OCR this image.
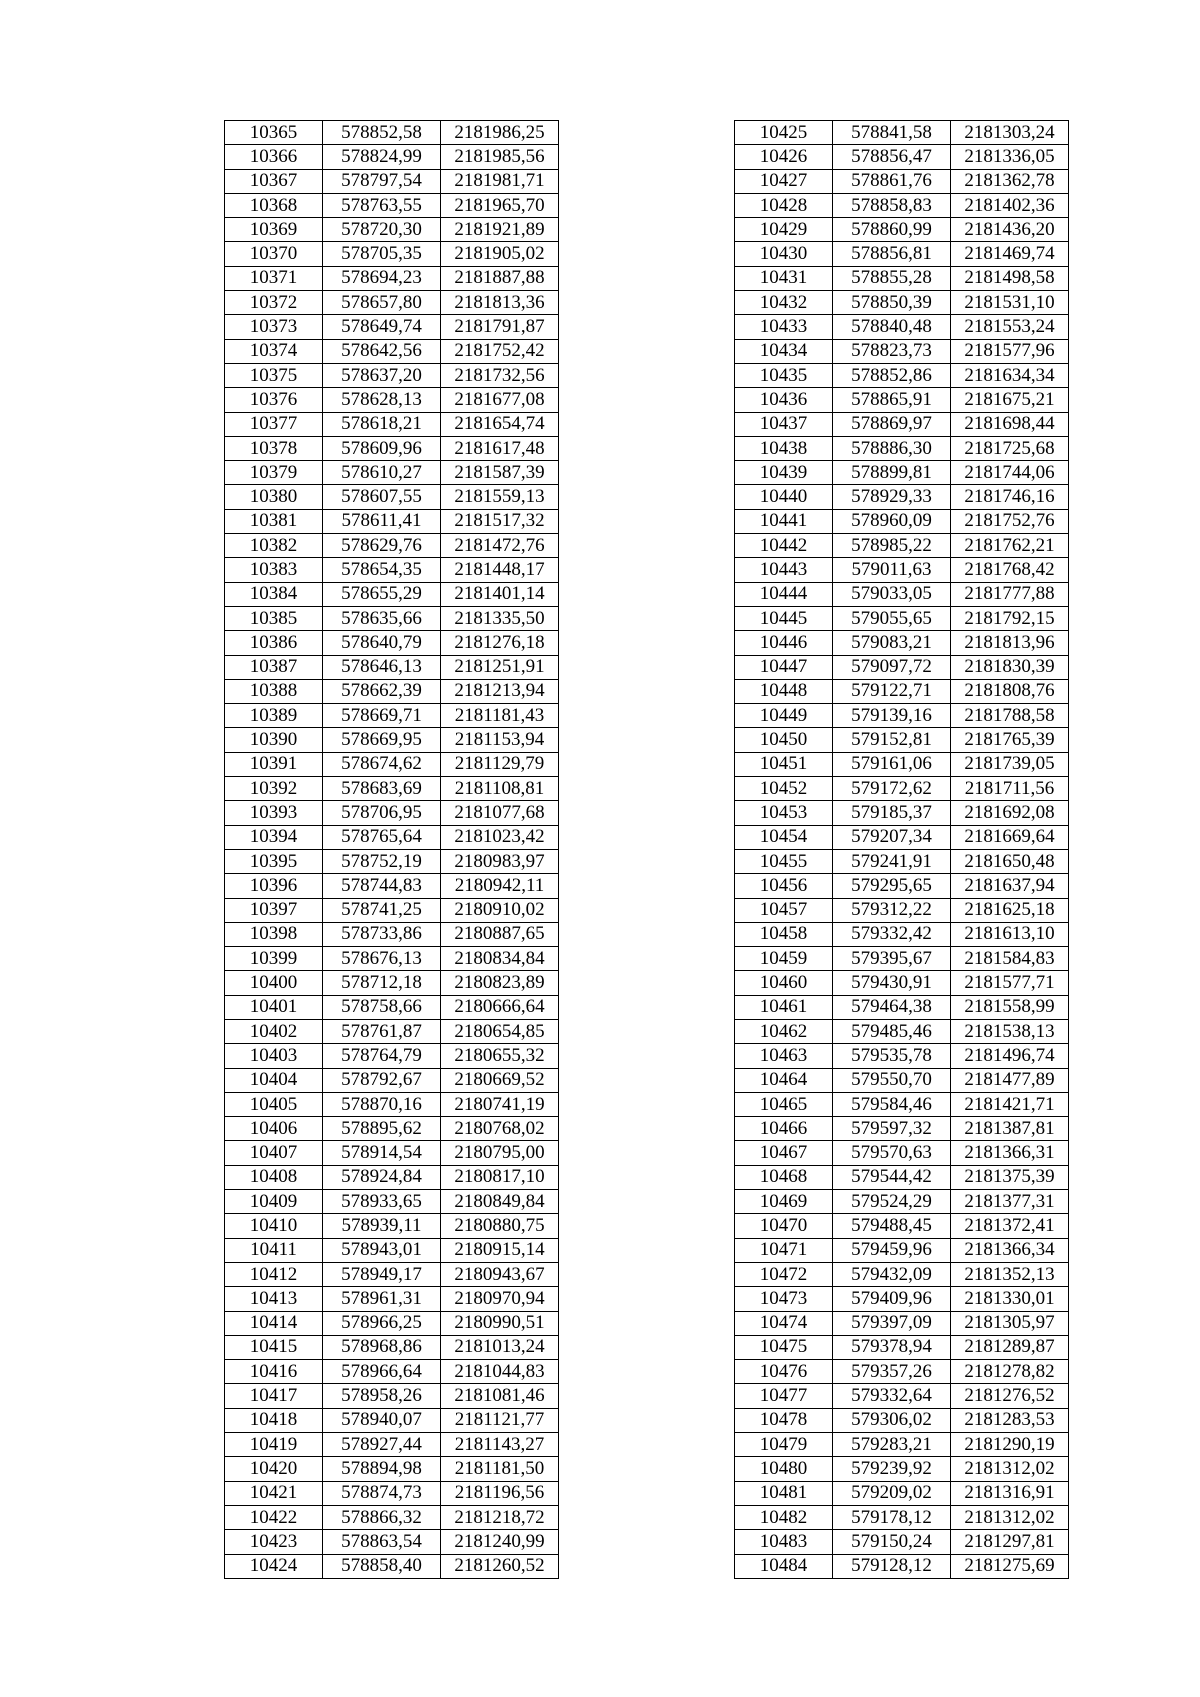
10365	578852,58	2181986,25
10366	578824,99	2181985,56
10367	578797,54	2181981,71
10368	578763,55	2181965,70
10369	578720,30	2181921,89
10370	578705,35	2181905,02
10371	578694,23	2181887,88
10372	578657,80	2181813,36
10373	578649,74	2181791,87
10374	578642,56	2181752,42
10375	578637,20	2181732,56
10376	578628,13	2181677,08
10377	578618,21	2181654,74
10378	578609,96	2181617,48
10379	578610,27	2181587,39
10380	578607,55	2181559,13
10381	578611,41	2181517,32
10382	578629,76	2181472,76
10383	578654,35	2181448,17
10384	578655,29	2181401,14
10385	578635,66	2181335,50
10386	578640,79	2181276,18
10387	578646,13	2181251,91
10388	578662,39	2181213,94
10389	578669,71	2181181,43
10390	578669,95	2181153,94
10391	578674,62	2181129,79
10392	578683,69	2181108,81
10393	578706,95	2181077,68
10394	578765,64	2181023,42
10395	578752,19	2180983,97
10396	578744,83	2180942,11
10397	578741,25	2180910,02
10398	578733,86	2180887,65
10399	578676,13	2180834,84
10400	578712,18	2180823,89
10401	578758,66	2180666,64
10402	578761,87	2180654,85
10403	578764,79	2180655,32
10404	578792,67	2180669,52
10405	578870,16	2180741,19
10406	578895,62	2180768,02
10407	578914,54	2180795,00
10408	578924,84	2180817,10
10409	578933,65	2180849,84
10410	578939,11	2180880,75
10411	578943,01	2180915,14
10412	578949,17	2180943,67
10413	578961,31	2180970,94
10414	578966,25	2180990,51
10415	578968,86	2181013,24
10416	578966,64	2181044,83
10417	578958,26	2181081,46
10418	578940,07	2181121,77
10419	578927,44	2181143,27
10420	578894,98	2181181,50
10421	578874,73	2181196,56
10422	578866,32	2181218,72
10423	578863,54	2181240,99
10424	578858,40	2181260,52
10425	578841,58	2181303,24
10426	578856,47	2181336,05
10427	578861,76	2181362,78
10428	578858,83	2181402,36
10429	578860,99	2181436,20
10430	578856,81	2181469,74
10431	578855,28	2181498,58
10432	578850,39	2181531,10
10433	578840,48	2181553,24
10434	578823,73	2181577,96
10435	578852,86	2181634,34
10436	578865,91	2181675,21
10437	578869,97	2181698,44
10438	578886,30	2181725,68
10439	578899,81	2181744,06
10440	578929,33	2181746,16
10441	578960,09	2181752,76
10442	578985,22	2181762,21
10443	579011,63	2181768,42
10444	579033,05	2181777,88
10445	579055,65	2181792,15
10446	579083,21	2181813,96
10447	579097,72	2181830,39
10448	579122,71	2181808,76
10449	579139,16	2181788,58
10450	579152,81	2181765,39
10451	579161,06	2181739,05
10452	579172,62	2181711,56
10453	579185,37	2181692,08
10454	579207,34	2181669,64
10455	579241,91	2181650,48
10456	579295,65	2181637,94
10457	579312,22	2181625,18
10458	579332,42	2181613,10
10459	579395,67	2181584,83
10460	579430,91	2181577,71
10461	579464,38	2181558,99
10462	579485,46	2181538,13
10463	579535,78	2181496,74
10464	579550,70	2181477,89
10465	579584,46	2181421,71
10466	579597,32	2181387,81
10467	579570,63	2181366,31
10468	579544,42	2181375,39
10469	579524,29	2181377,31
10470	579488,45	2181372,41
10471	579459,96	2181366,34
10472	579432,09	2181352,13
10473	579409,96	2181330,01
10474	579397,09	2181305,97
10475	579378,94	2181289,87
10476	579357,26	2181278,82
10477	579332,64	2181276,52
10478	579306,02	2181283,53
10479	579283,21	2181290,19
10480	579239,92	2181312,02
10481	579209,02	2181316,91
10482	579178,12	2181312,02
10483	579150,24	2181297,81
10484	579128,12	2181275,69
